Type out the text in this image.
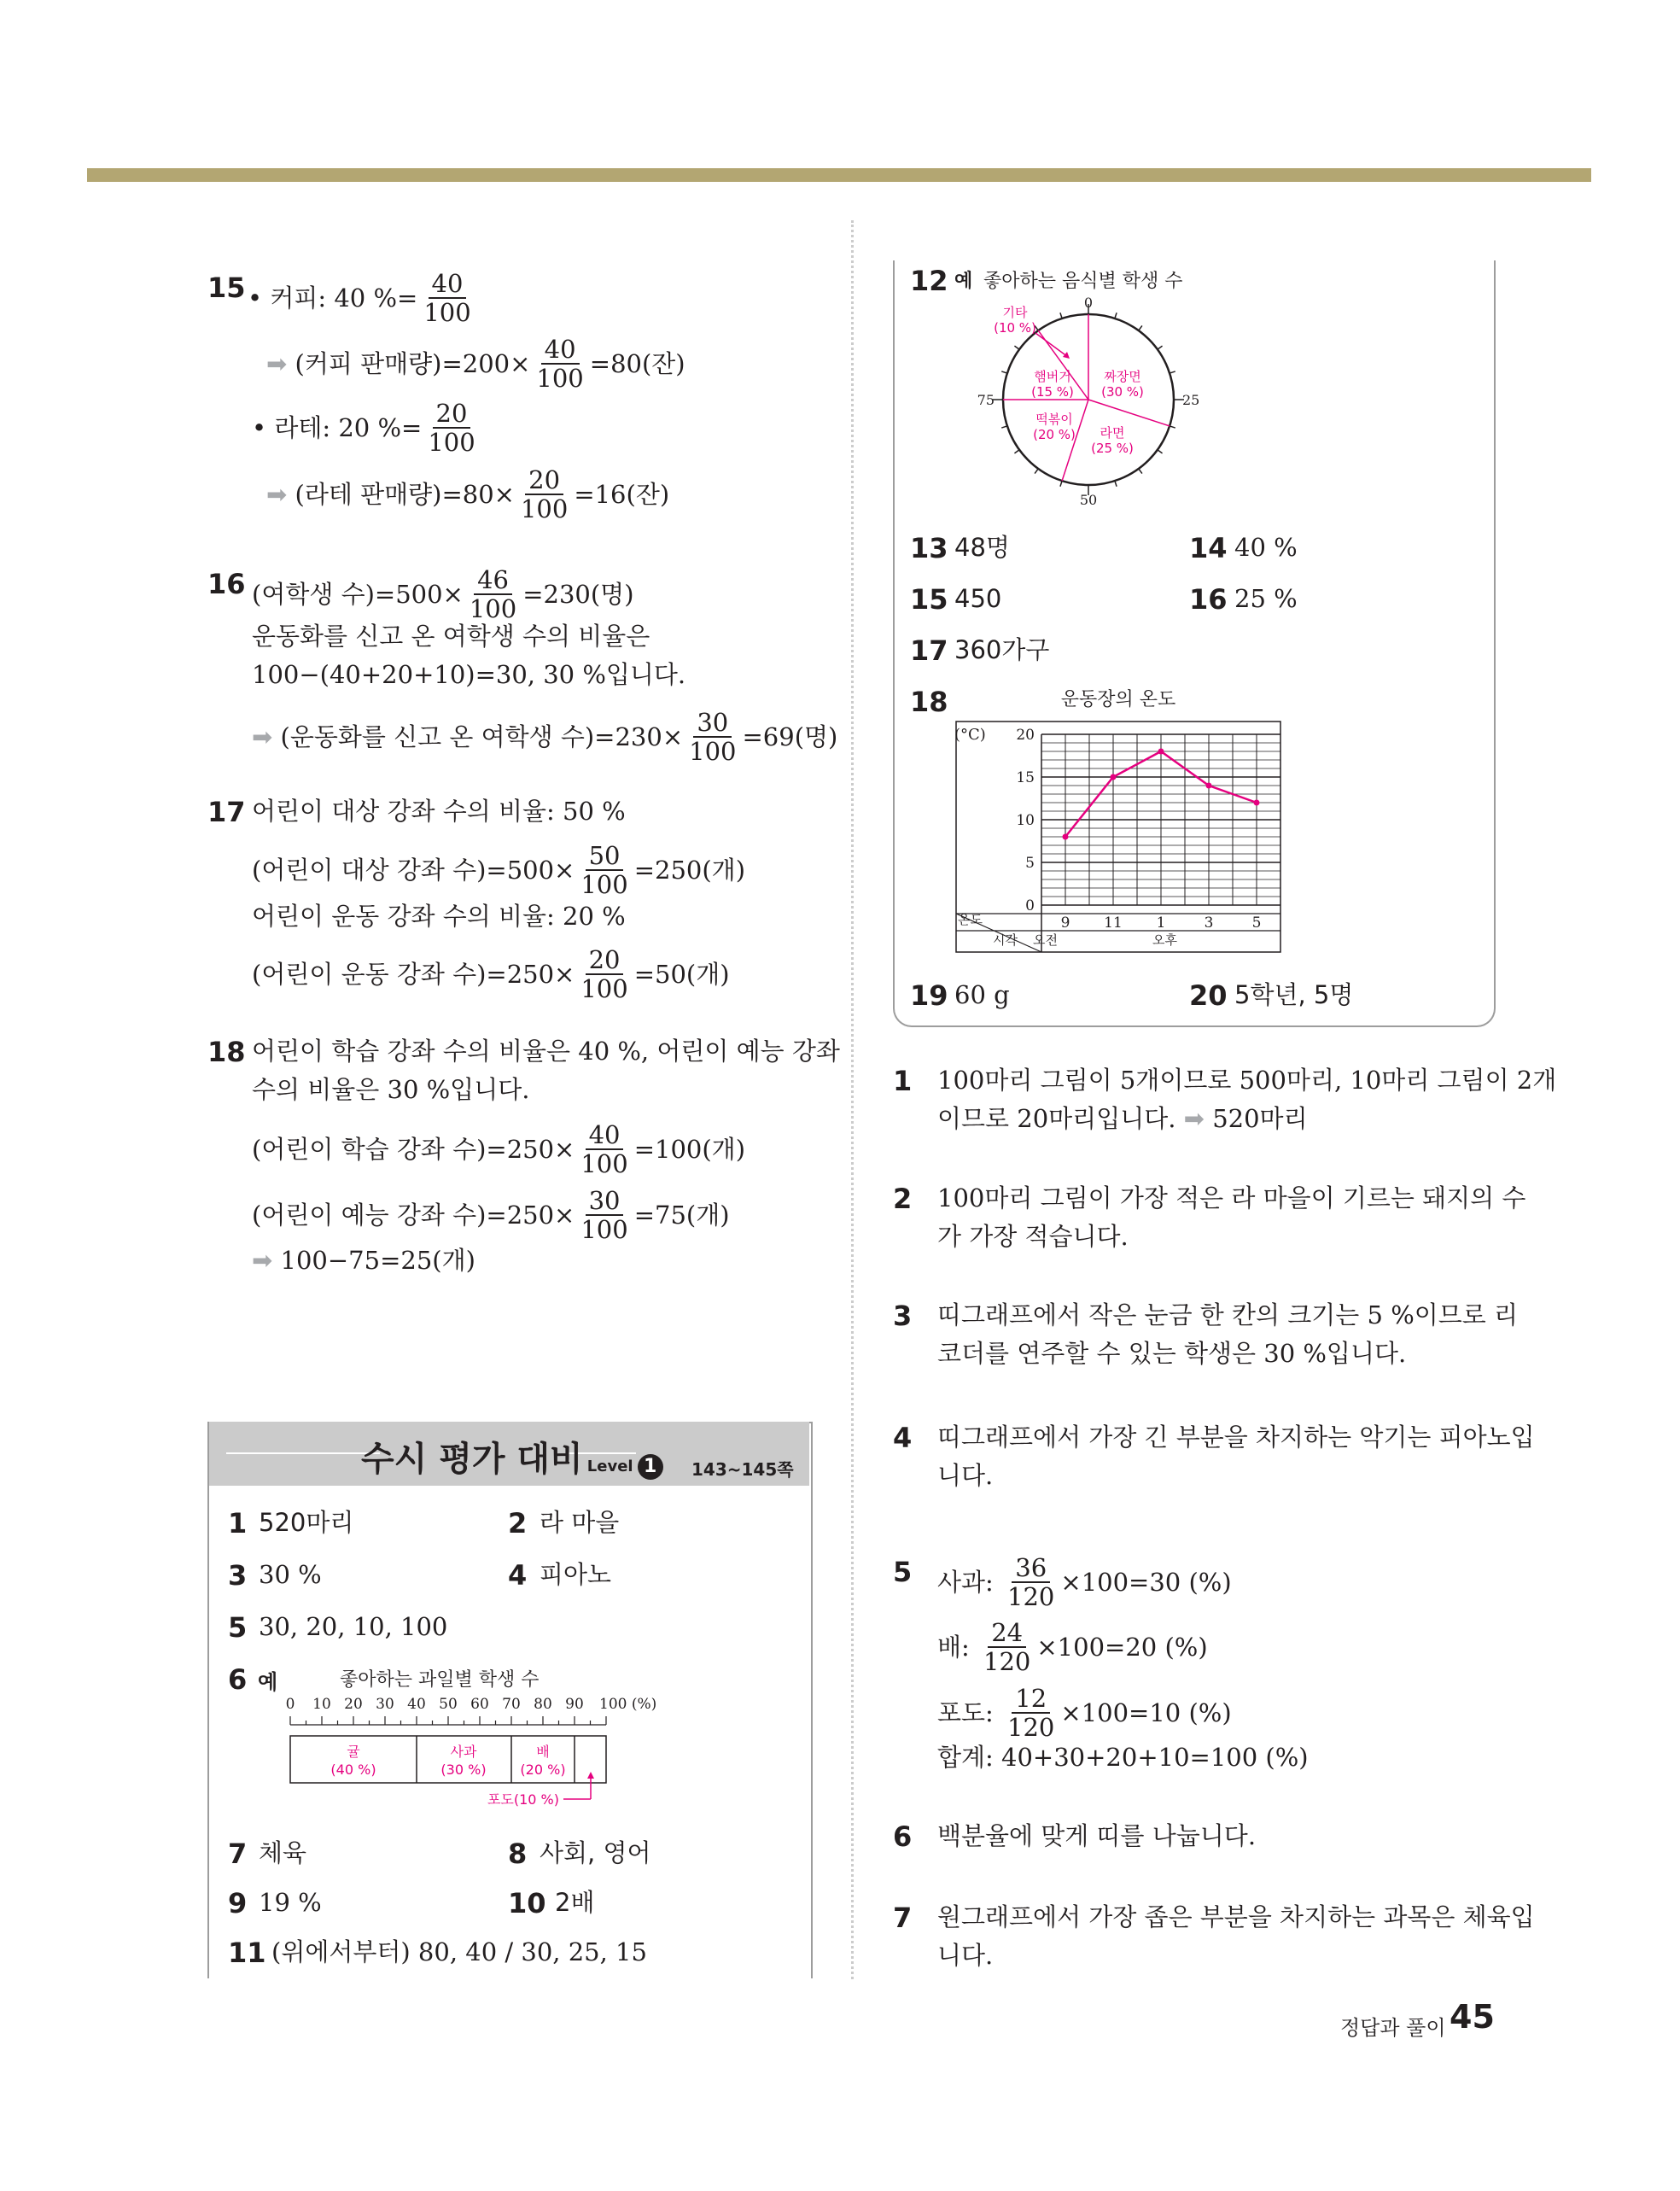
15 • 커피: 40 %= $\frac{40}{100}$
➡ (커피 판매량)$=200\times \frac{40}{100} =80$(잔)
• 라테: 20 %= $\frac{20}{100}$
➡ (라테 판매량)$=80\times \frac{20}{100} =16$(잔)
16 (여학생 수)$=500\times \frac{46}{100} =230$(명)
운동화를 신고 온 여학생 수의 비율은
100−(40+20+10)=30, 30 %입니다.
➡ (운동화를 신고 온 여학생 수)$=230\times \frac{30}{100} =69$(명)
17 어린이 대상 강좌 수의 비율: 50 %
(어린이 대상 강좌 수)$=500\times \frac{50}{100} =250$(개)
어린이 운동 강좌 수의 비율: 20 %
(어린이 운동 강좌 수)$=250\times \frac{20}{100} =50$(개)
18 어린이 학습 강좌 수의 비율은 40 %, 어린이 예능 강좌
수의 비율은 30 %입니다.
(어린이 학습 강좌 수)$=250\times \frac{40}{100} =100$(개)
(어린이 예능 강좌 수)$=250\times \frac{30}{100} =75$(개)
➡ 100−75=25(개)
수시 평가 대비 Level 1	143~145쪽
1 520마리	2 라 마을
3 30 %	4 피아노
5 30, 20, 10, 100
7 체육	8 사회, 영어
9 19 %	10 2배
11 (위에서부터) 80, 40 / 30, 25, 15
6 예	좋아하는 과일별 학생 수
0 10 20 30 40 50 60 70 80 90 100 (%)
귤
(40 %)
사과
(30 %)
배
(20 %)
포도(10 %)
12 예 좋아하는 음식별 학생 수
0
25
50
75
짜장면
(30 %)
라면
(25 %)
떡볶이
(20 %)
햄버거
(15 %)
기타
(10 %)
13 48명	14 40 %
15 450	16 25 %
17 360가구
19 60 g	20 5학년, 5명
18	운동장의 온도
(°C)
온도
시각 오전	오후
0
5
10
15
20
9 11 1	3	5
1 100마리 그림이 5개이므로 500마리, 10마리 그림이 2개
이므로 20마리입니다. ➡ 520마리
2 100마리 그림이 가장 적은 라 마을이 기르는 돼지의 수
가 가장 적습니다.
3 띠그래프에서 작은 눈금 한 칸의 크기는 5 %이므로 리
코더를 연주할 수 있는 학생은 30 %입니다.
4 띠그래프에서 가장 긴 부분을 차지하는 악기는 피아노입
니다.
5 사과: $\frac{36}{120} \times 100=30$ (%)
배: $\frac{24}{120} \times 100=20$ (%)
포도: $\frac{12}{120} \times 100=10$ (%)
합계: 40+30+20+10=100 (%)
6 백분율에 맞게 띠를 나눕니다.
7 원그래프에서 가장 좁은 부분을 차지하는 과목은 체육입
니다.
정답과 풀이 45
